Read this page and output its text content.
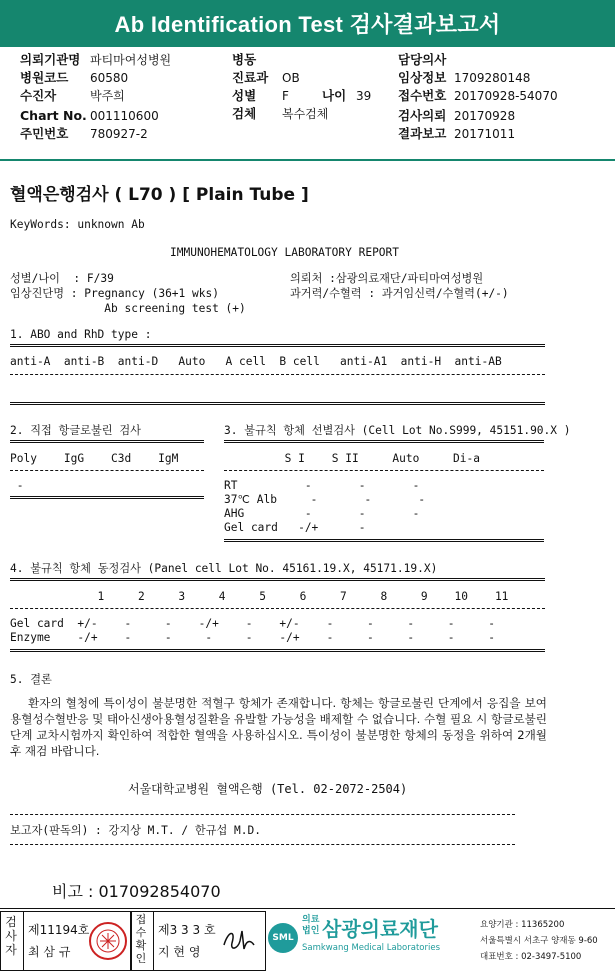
Ab Identification Test 검사결과보고서
의뢰기관명 파티마여성병원	병동	담당의사
병원코드 60580	진료과 OB	임상정보 1709280148
수진자	박주희	성별 F	나이 39 접수번호 20170928-54070
Chart No. 001110600	검체 복수검체	검사의뢰 20170928
주민번호 780927-2	결과보고 20171011
혈액은행검사 ( L70 ) [ Plain Tube ]
KeyWords: unknown Ab
IMMUNOHEMATOLOGY LABORATORY REPORT
성별/나이  : F/39
임상진단명 : Pregnancy (36+1 wks)
Ab screening test (+)
의뢰처 :삼광의료재단/파티마여성병원
과거력/수혈력 : 과거임신력/수혈력(+/-)
1. ABO and RhD type :
anti-A  anti-B  anti-D   Auto   A cell  B cell   anti-A1  anti-H  anti-AB
2. 직접 항글로불린 검사
Poly    IgG    C3d    IgM
-
3. 불규칙 항체 선별검사 (Cell Lot No.S999, 45151.90.X )
S I    S II     Auto     Di-a
RT          -       -       -
37℃ Alb     -       -       -
AHG         -       -       -
Gel card   -/+      -
4. 불규칙 항체 동정검사 (Panel cell Lot No. 45161.19.X, 45171.19.X)
1     2     3     4     5     6     7     8     9    10    11
Gel card  +/-    -     -    -/+    -    +/-    -     -     -     -     -
Enzyme    -/+    -     -     -     -    -/+    -     -     -     -     -
5. 결론
환자의 혈청에 특이성이 불분명한 적혈구 항체가 존재합니다. 항체는 항글로불린 단계에서 응집을 보여 용혈성수혈반응 및 태아신생아용혈성질환을 유발할 가능성을 배제할 수 없습니다. 수혈 필요 시 항글로불린 단계 교차시험까지 확인하여 적합한 혈액을 사용하십시오. 특이성이 불분명한 항체의 동정을 위하여 2개월 후 재검 바랍니다.
서울대학교병원 혈액은행 (Tel. 02-2072-2504)
보고자(판독의) : 강지상 M.T. / 한규섭 M.D.
비고 : 017092854070
검사자
제11194호
최 삼 규
접수확인
제3 3 3 호
지 현 영
SML
의료법인 삼광의료재단
Samkwang Medical Laboratories
요양기관 : 11365200
서울특별시 서초구 양재동 9-60
대표번호 : 02-3497-5100
